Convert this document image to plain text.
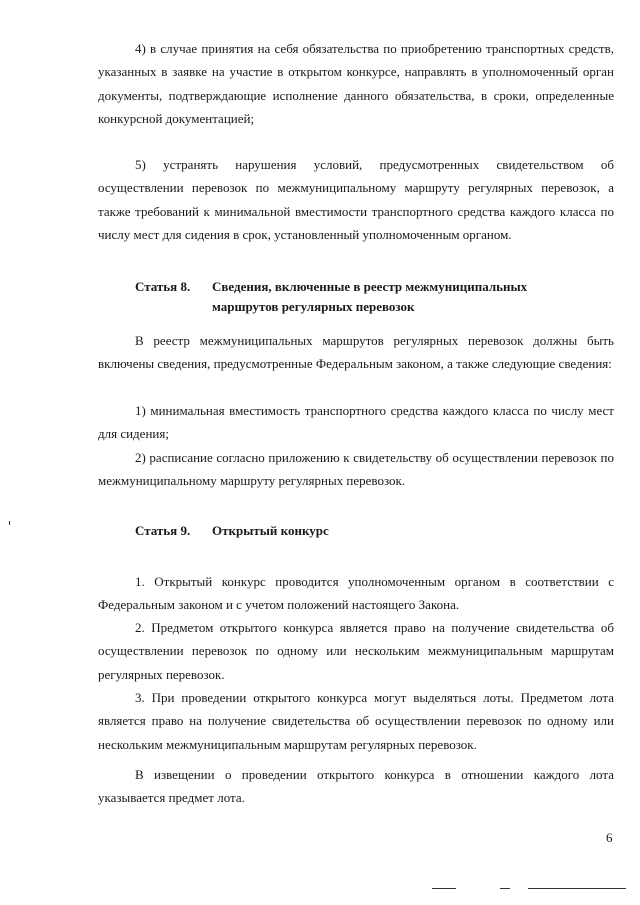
4) в случае принятия на себя обязательства по приобретению транспортных средств, указанных в заявке на участие в открытом конкурсе, направлять в уполномоченный орган документы, подтверждающие исполнение данного обязательства, в сроки, определенные конкурсной документацией;

5) устранять нарушения условий, предусмотренных свидетельством об осуществлении перевозок по межмуниципальному маршруту регулярных перевозок, а также требований к минимальной вместимости транспортного средства каждого класса по числу мест для сидения в срок, установленный уполномоченным органом.

Статья 8. Сведения, включенные в реестр межмуниципальных
маршрутов регулярных перевозок

В реестр межмуниципальных маршрутов регулярных перевозок должны быть включены сведения, предусмотренные Федеральным законом, а также следующие сведения:

1) минимальная вместимость транспортного средства каждого класса по числу мест для сидения;

2) расписание согласно приложению к свидетельству об осуществлении перевозок по межмуниципальному маршруту регулярных перевозок.

Статья 9. Открытый конкурс

1. Открытый конкурс проводится уполномоченным органом в соответствии с Федеральным законом и с учетом положений настоящего Закона.

2. Предметом открытого конкурса является право на получение свидетельства об осуществлении перевозок по одному или нескольким межмуниципальным маршрутам регулярных перевозок.

3. При проведении открытого конкурса могут выделяться лоты. Предметом лота является право на получение свидетельства об осуществлении перевозок по одному или нескольким межмуниципальным маршрутам регулярных перевозок.

В извещении о проведении открытого конкурса в отношении каждого лота указывается предмет лота.

6
